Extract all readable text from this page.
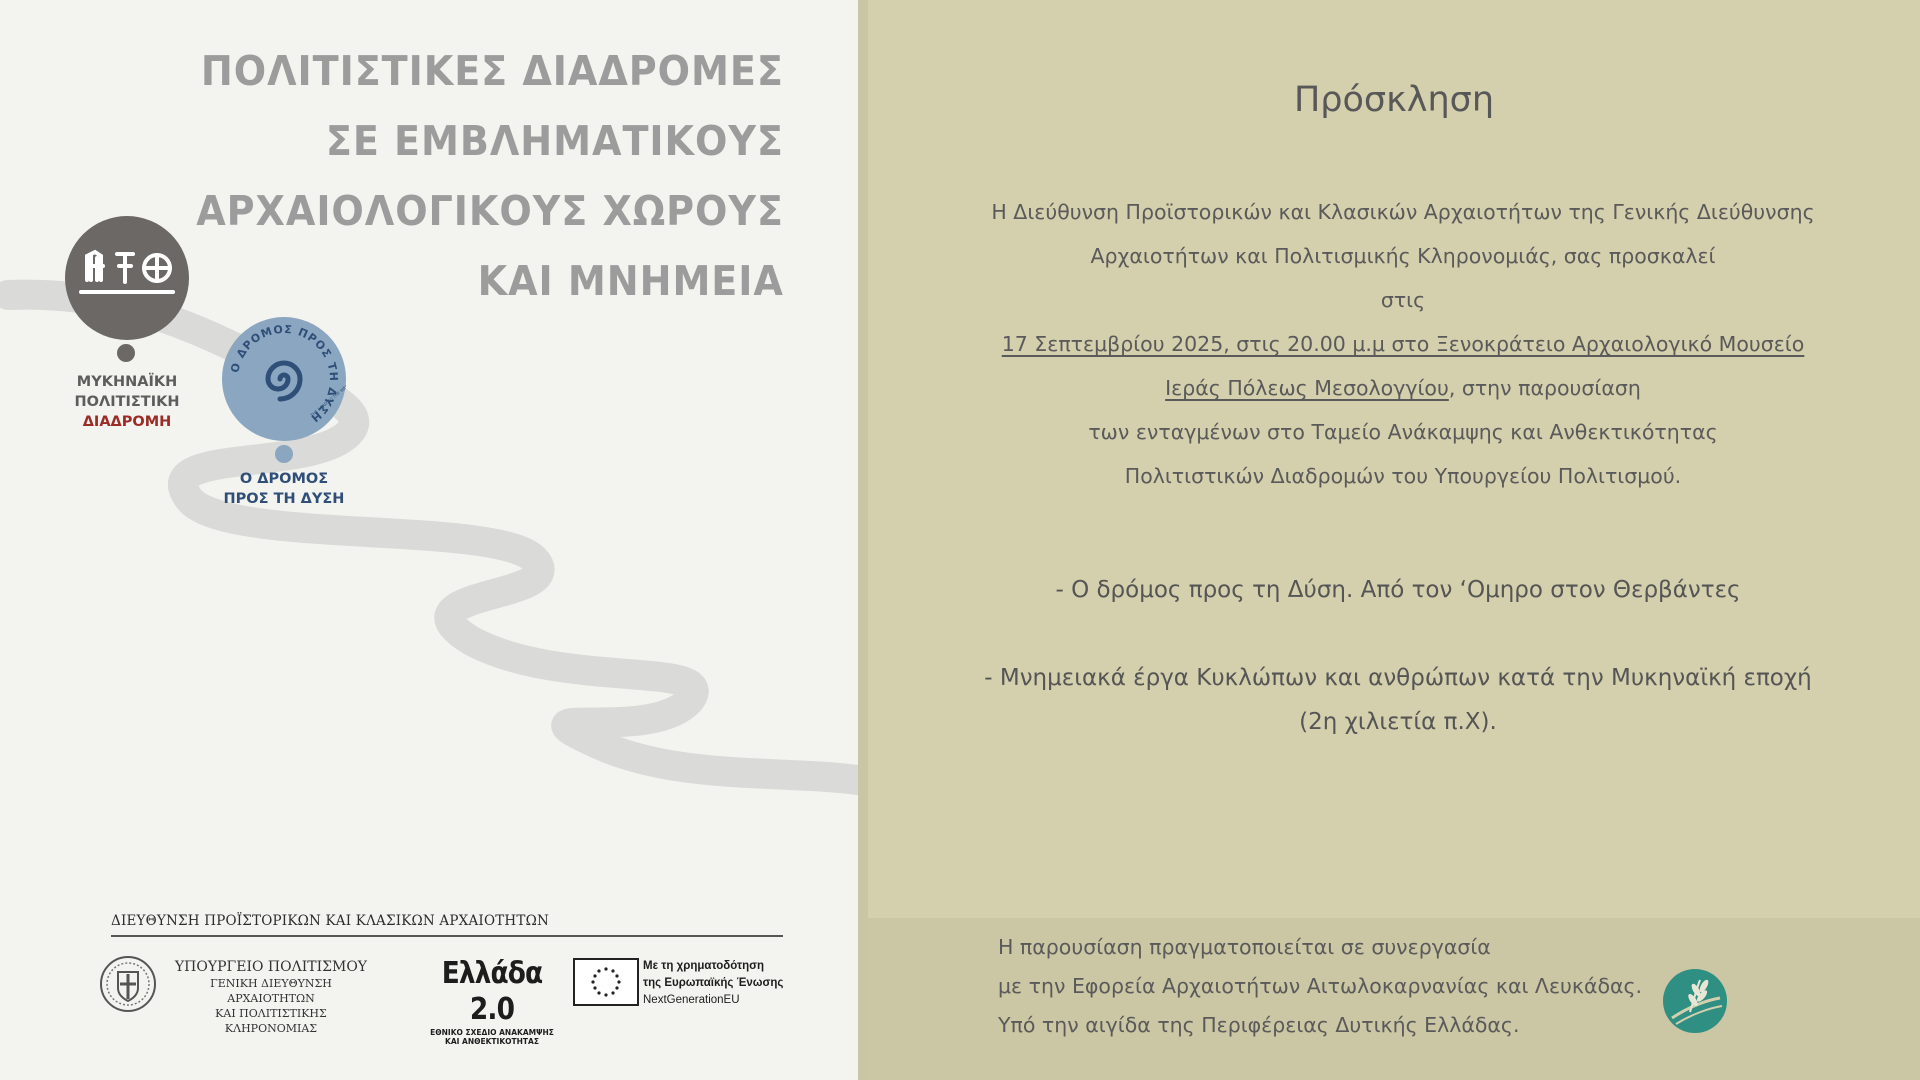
ΠΟΛΙΤΙΣΤΙΚΕΣ ΔΙΑΔΡΟΜΕΣ
ΣΕ ΕΜΒΛΗΜΑΤΙΚΟΥΣ
ΑΡΧΑΙΟΛΟΓΙΚΟΥΣ ΧΩΡΟΥΣ
ΚΑΙ ΜΝΗΜΕΙΑ
ΜΥΚΗΝΑΪΚΗ
ΠΟΛΙΤΙΣΤΙΚΗ
ΔΙΑΔΡΟΜΗ
Ο ΔΡΟΜΟΣ ΠΡΟΣ ΤΗ ΔΥΣΗ
THE ROAD TO THE WEST
Ο ΔΡΟΜΟΣ
ΠΡΟΣ ΤΗ ΔΥΣΗ
ΔΙΕΥΘΥΝΣΗ ΠΡΟΪΣΤΟΡΙΚΩΝ ΚΑΙ ΚΛΑΣΙΚΩΝ ΑΡΧΑΙΟΤΗΤΩΝ
ΥΠΟΥΡΓΕΙΟ ΠΟΛΙΤΙΣΜΟΥ
ΓΕΝΙΚΗ ΔΙΕΥΘΥΝΣΗ ΑΡΧΑΙΟΤΗΤΩΝ
ΚΑΙ ΠΟΛΙΤΙΣΤΙΚΗΣ ΚΛΗΡΟΝΟΜΙΑΣ
Ελλάδα 2.0
ΕΘΝΙΚΟ ΣΧΕΔΙΟ ΑΝΑΚΑΜΨΗΣ
ΚΑΙ ΑΝΘΕΚΤΙΚΟΤΗΤΑΣ
Με τη χρηματοδότηση
της Ευρωπαϊκής Ένωσης
NextGenerationEU
Πρόσκληση
Η Διεύθυνση Προϊστορικών και Κλασικών Αρχαιοτήτων της Γενικής Διεύθυνσης
Αρχαιοτήτων και Πολιτισμικής Κληρονομιάς, σας προσκαλεί
στις
17 Σεπτεμβρίου 2025, στις 20.00 μ.μ στο Ξενοκράτειο Αρχαιολογικό Μουσείο
Ιεράς Πόλεως Μεσολογγίου, στην παρουσίαση
των ενταγμένων στο Ταμείο Ανάκαμψης και Ανθεκτικότητας
Πολιτιστικών Διαδρομών του Υπουργείου Πολιτισμού.
- Ο δρόμος προς τη Δύση. Από τον ‘Ομηρο στον Θερβάντες
- Μνημειακά έργα Κυκλώπων και ανθρώπων κατά την Μυκηναϊκή εποχή
(2η χιλιετία π.Χ).
Η παρουσίαση πραγματοποιείται σε συνεργασία
με την Εφορεία Αρχαιοτήτων Αιτωλοκαρνανίας και Λευκάδας.
Υπό την αιγίδα της Περιφέρειας Δυτικής Ελλάδας.
